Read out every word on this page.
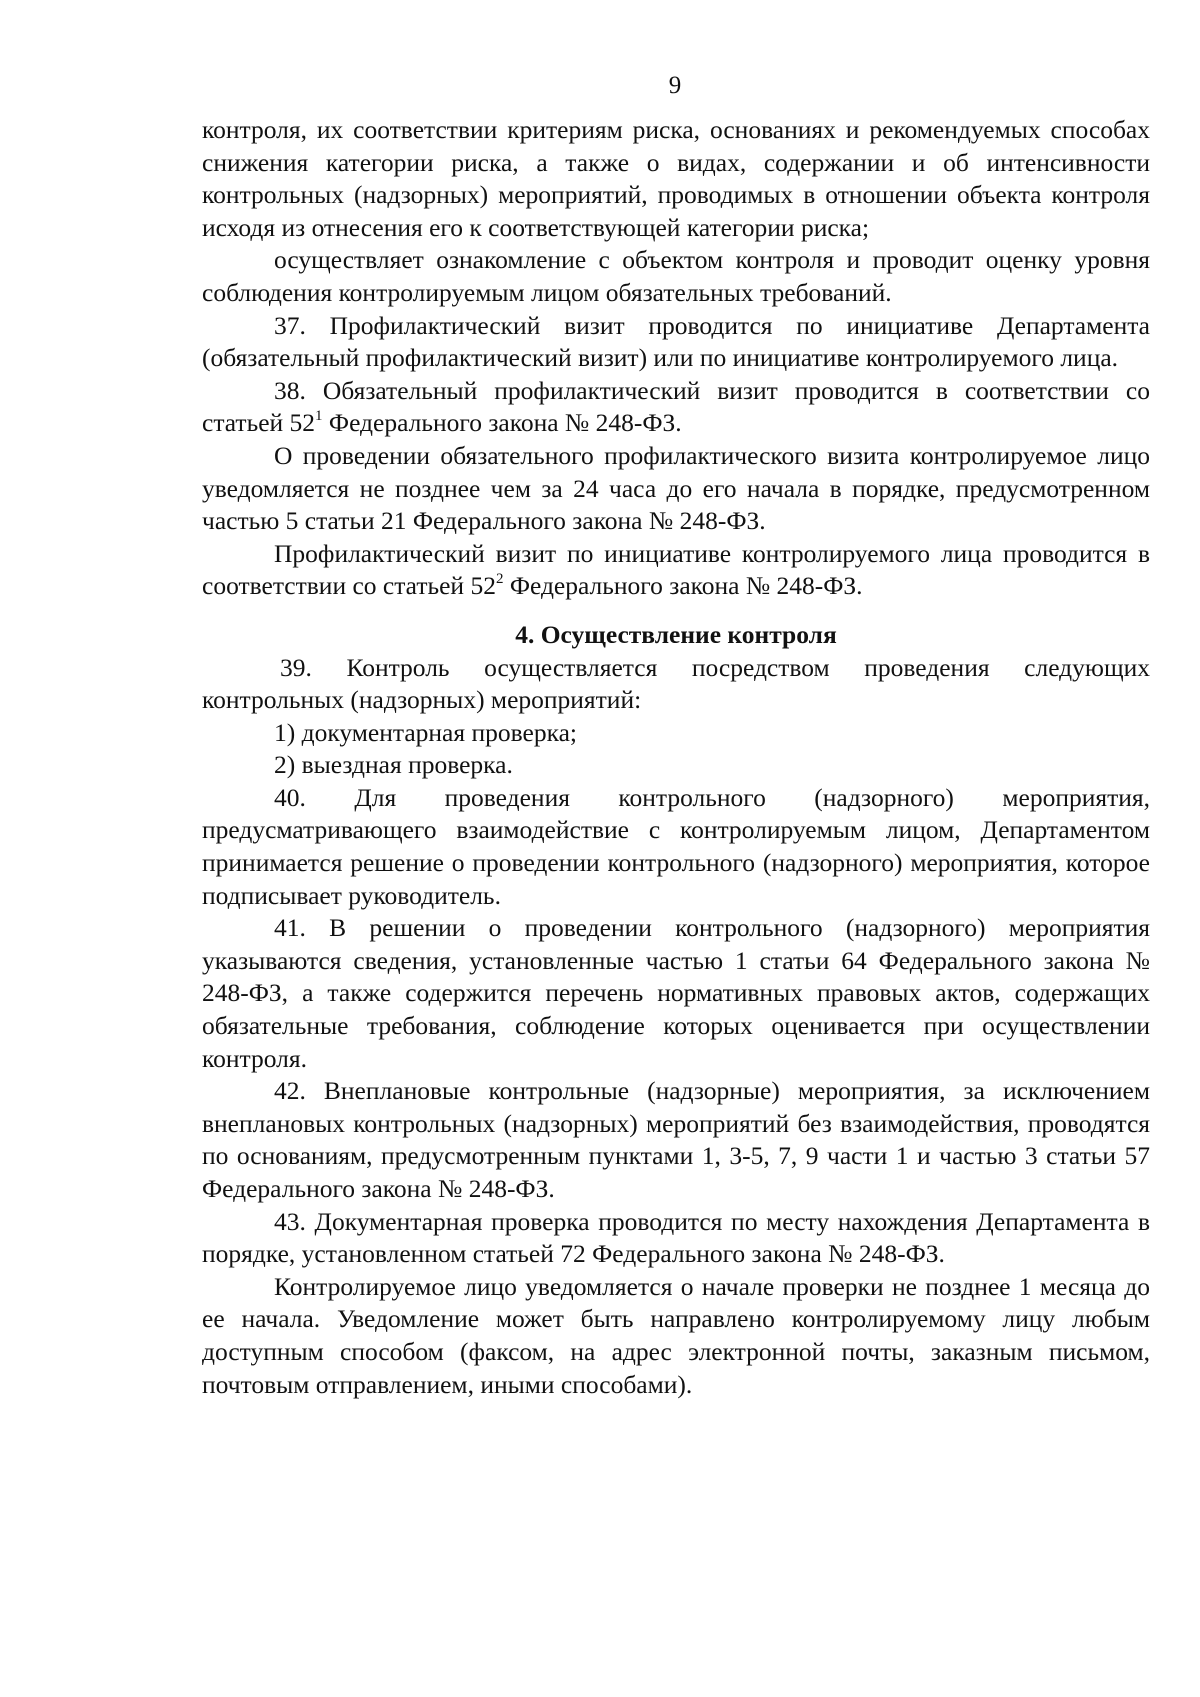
9

контроля, их соответствии критериям риска, основаниях и рекомендуемых способах снижения категории риска, а также о видах, содержании и об интенсивности контрольных (надзорных) мероприятий, проводимых в отношении объекта контроля исходя из отнесения его к соответствующей категории риска;

осуществляет ознакомление с объектом контроля и проводит оценку уровня соблюдения контролируемым лицом обязательных требований.

37. Профилактический визит проводится по инициативе Департамента (обязательный профилактический визит) или по инициативе контролируемого лица.

38. Обязательный профилактический визит проводится в соответствии со статьей $52^1$ Федерального закона № 248-ФЗ.

О проведении обязательного профилактического визита контролируемое лицо уведомляется не позднее чем за 24 часа до его начала в порядке, предусмотренном частью 5 статьи 21 Федерального закона № 248-ФЗ.

Профилактический визит по инициативе контролируемого лица проводится в соответствии со статьей $52^2$ Федерального закона № 248-ФЗ.

4. Осуществление контроля

39. Контроль осуществляется посредством проведения следующих контрольных (надзорных) мероприятий:

1) документарная проверка;

2) выездная проверка.

40. Для проведения контрольного (надзорного) мероприятия, предусматривающего взаимодействие с контролируемым лицом, Департаментом принимается решение о проведении контрольного (надзорного) мероприятия, которое подписывает руководитель.

41. В решении о проведении контрольного (надзорного) мероприятия указываются сведения, установленные частью 1 статьи 64 Федерального закона № 248-ФЗ, а также содержится перечень нормативных правовых актов, содержащих обязательные требования, соблюдение которых оценивается при осуществлении контроля.

42. Внеплановые контрольные (надзорные) мероприятия, за исключением внеплановых контрольных (надзорных) мероприятий без взаимодействия, проводятся по основаниям, предусмотренным пунктами 1, 3-5, 7, 9 части 1 и частью 3 статьи 57 Федерального закона № 248-ФЗ.

43. Документарная проверка проводится по месту нахождения Департамента в порядке, установленном статьей 72 Федерального закона № 248-ФЗ.

Контролируемое лицо уведомляется о начале проверки не позднее 1 месяца до ее начала. Уведомление может быть направлено контролируемому лицу любым доступным способом (факсом, на адрес электронной почты, заказным письмом, почтовым отправлением, иными способами).
